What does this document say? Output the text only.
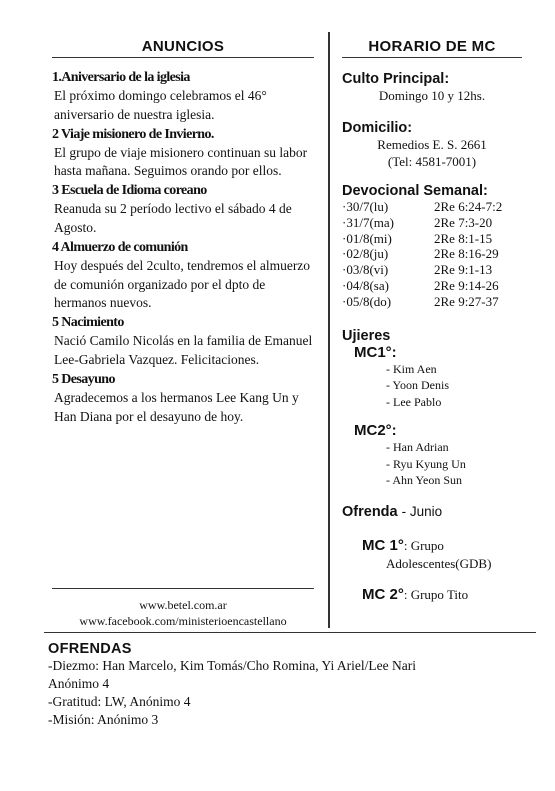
ANUNCIOS
1.Aniversario de la iglesia
El próximo domingo celebramos el 46° aniversario de nuestra iglesia.
2 Viaje misionero de Invierno.
El grupo de viaje misionero continuan su labor hasta mañana. Seguimos orando por ellos.
3 Escuela de Idioma coreano
Reanuda su 2 período lectivo el sábado 4 de Agosto.
4 Almuerzo de comunión
Hoy después del 2culto, tendremos el almuerzo de comunión organizado por el dpto de hermanos nuevos.
5 Nacimiento
Nació Camilo Nicolás en la familia de Emanuel Lee-Gabriela Vazquez. Felicitaciones.
5 Desayuno
Agradecemos a los hermanos Lee Kang Un y Han Diana por el desayuno de hoy.
www.betel.com.ar
www.facebook.com/ministerioencastellano
HORARIO DE MC
Culto Principal:
Domingo 10 y 12hs.
Domicilio:
Remedios E. S. 2661
(Tel: 4581-7001)
Devocional Semanal:
·30/7(lu)	2Re 6:24-7:2
·31/7(ma)	2Re 7:3-20
·01/8(mi)	2Re 8:1-15
·02/8(ju)	2Re 8:16-29
·03/8(vi)	2Re 9:1-13
·04/8(sa)	2Re 9:14-26
·05/8(do)	2Re 9:27-37
Ujieres
MC1°:
- Kim Aen
- Yoon Denis
- Lee Pablo
MC2°:
- Han Adrian
- Ryu Kyung Un
- Ahn Yeon Sun
Ofrenda - Junio
MC 1°: Grupo
Adolescentes(GDB)
MC 2°: Grupo Tito
OFRENDAS
-Diezmo: Han Marcelo, Kim Tomás/Cho Romina, Yi Ariel/Lee Nari
Anónimo 4
-Gratitud: LW, Anónimo 4
-Misión: Anónimo 3
